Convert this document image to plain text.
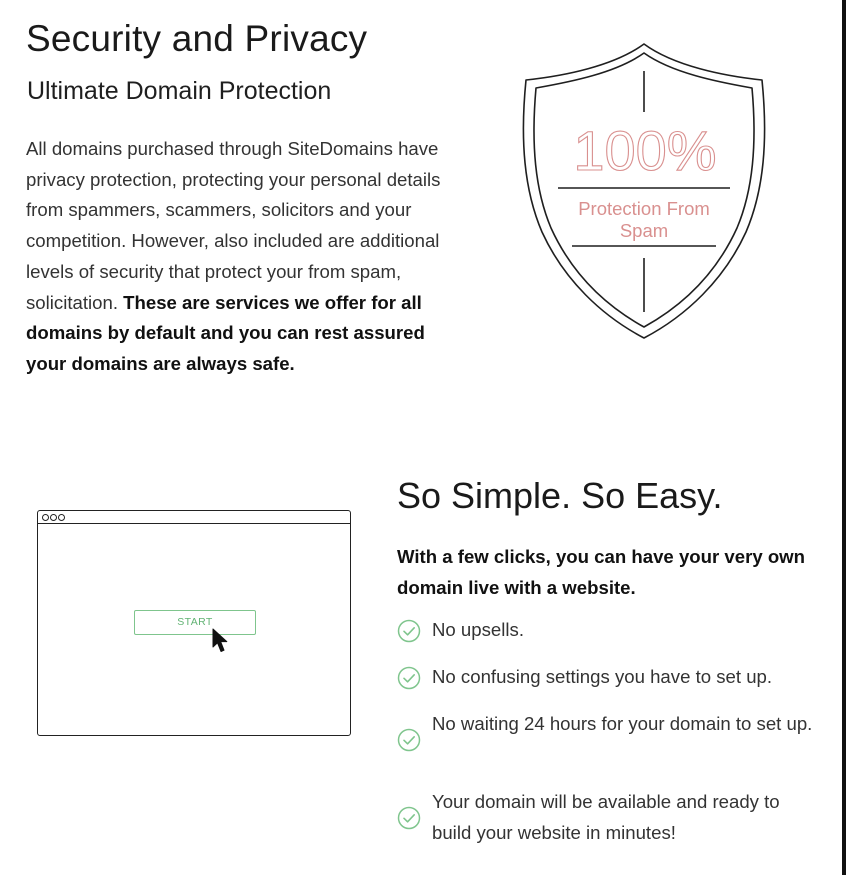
Security and Privacy
Ultimate Domain Protection

All domains purchased through SiteDomains have privacy protection, protecting your personal details from spammers, scammers, solicitors and your competition. However, also included are additional levels of security that protect your from spam, solicitation. These are services we offer for all domains by default and you can rest assured your domains are always safe.

100%
Protection From
Spam
START
So Simple. So Easy.

With a few clicks, you can have your very own domain live with a website.

No upsells.
No confusing settings you have to set up.
No waiting 24 hours for your domain to set up.
Your domain will be available and ready to build your website in minutes!
